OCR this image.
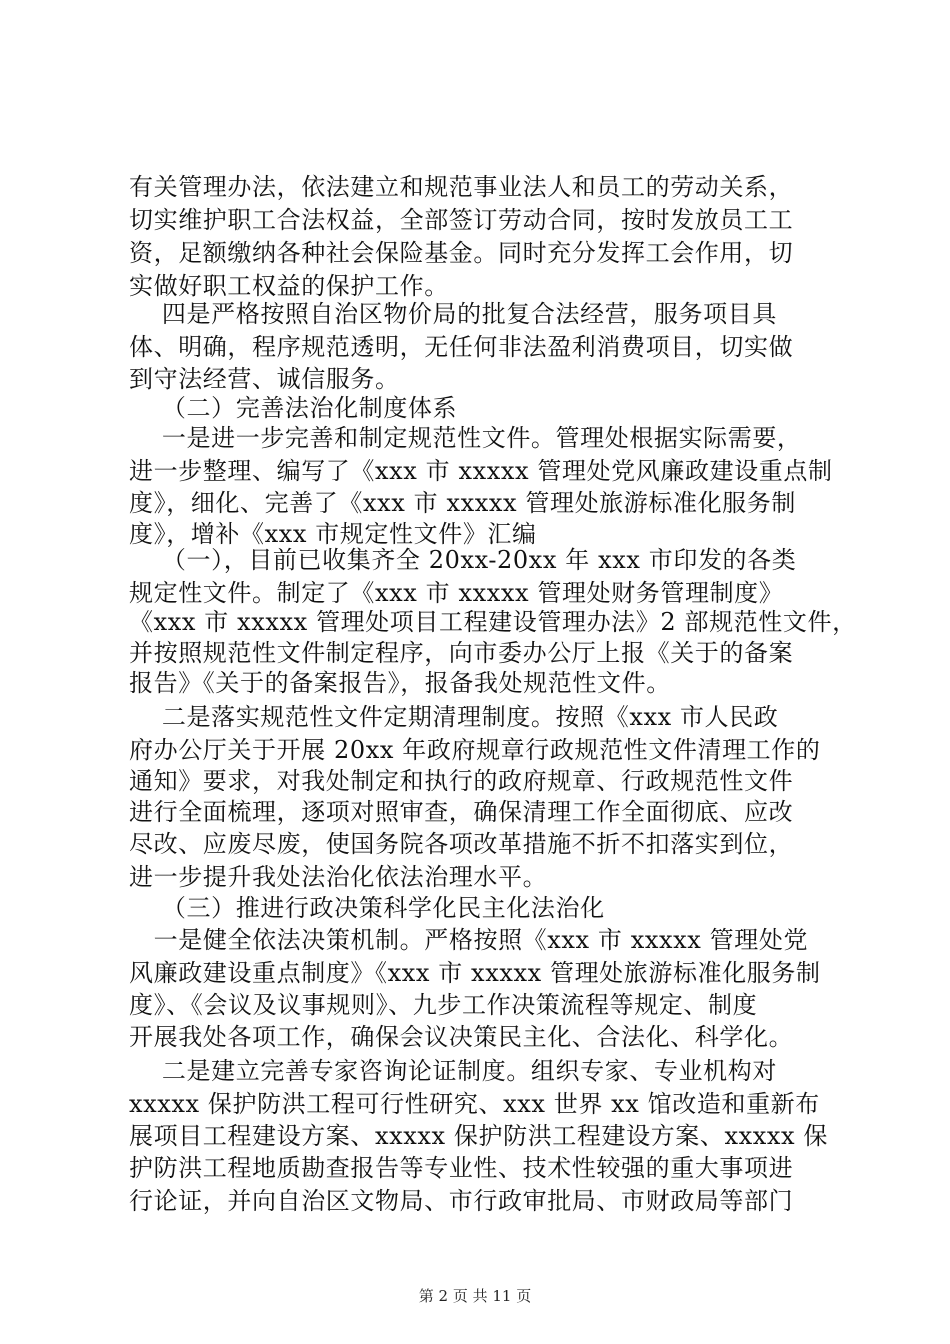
有关管理办法，依法建立和规范事业法人和员工的劳动关系，
切实维护职工合法权益，全部签订劳动合同，按时发放员工工
资，足额缴纳各种社会保险基金。同时充分发挥工会作用，切
实做好职工权益的保护工作。
四是严格按照自治区物价局的批复合法经营，服务项目具
体、明确，程序规范透明，无任何非法盈利消费项目，切实做
到守法经营、诚信服务。
（二）完善法治化制度体系
一是进一步完善和制定规范性文件。管理处根据实际需要，
进一步整理、编写了《xxx 市 xxxxx 管理处党风廉政建设重点制
度》，细化、完善了《xxx 市 xxxxx 管理处旅游标准化服务制
度》，增补《xxx 市规定性文件》汇编
（一），目前已收集齐全 20xx-20xx 年 xxx 市印发的各类
规定性文件。制定了《xxx 市 xxxxx 管理处财务管理制度》
《xxx 市 xxxxx 管理处项目工程建设管理办法》2 部规范性文件，
并按照规范性文件制定程序，向市委办公厅上报《关于的备案
报告》《关于的备案报告》，报备我处规范性文件。
二是落实规范性文件定期清理制度。按照《xxx 市人民政
府办公厅关于开展 20xx 年政府规章行政规范性文件清理工作的
通知》要求，对我处制定和执行的政府规章、行政规范性文件
进行全面梳理，逐项对照审查，确保清理工作全面彻底、应改
尽改、应废尽废，使国务院各项改革措施不折不扣落实到位，
进一步提升我处法治化依法治理水平。
（三）推进行政决策科学化民主化法治化
一是健全依法决策机制。严格按照《xxx 市 xxxxx 管理处党
风廉政建设重点制度》《xxx 市 xxxxx 管理处旅游标准化服务制
度》、《会议及议事规则》、九步工作决策流程等规定、制度
开展我处各项工作，确保会议决策民主化、合法化、科学化。
二是建立完善专家咨询论证制度。组织专家、专业机构对
xxxxx 保护防洪工程可行性研究、xxx 世界 xx 馆改造和重新布
展项目工程建设方案、xxxxx 保护防洪工程建设方案、xxxxx 保
护防洪工程地质勘查报告等专业性、技术性较强的重大事项进
行论证，并向自治区文物局、市行政审批局、市财政局等部门
第 2 页 共 11 页
